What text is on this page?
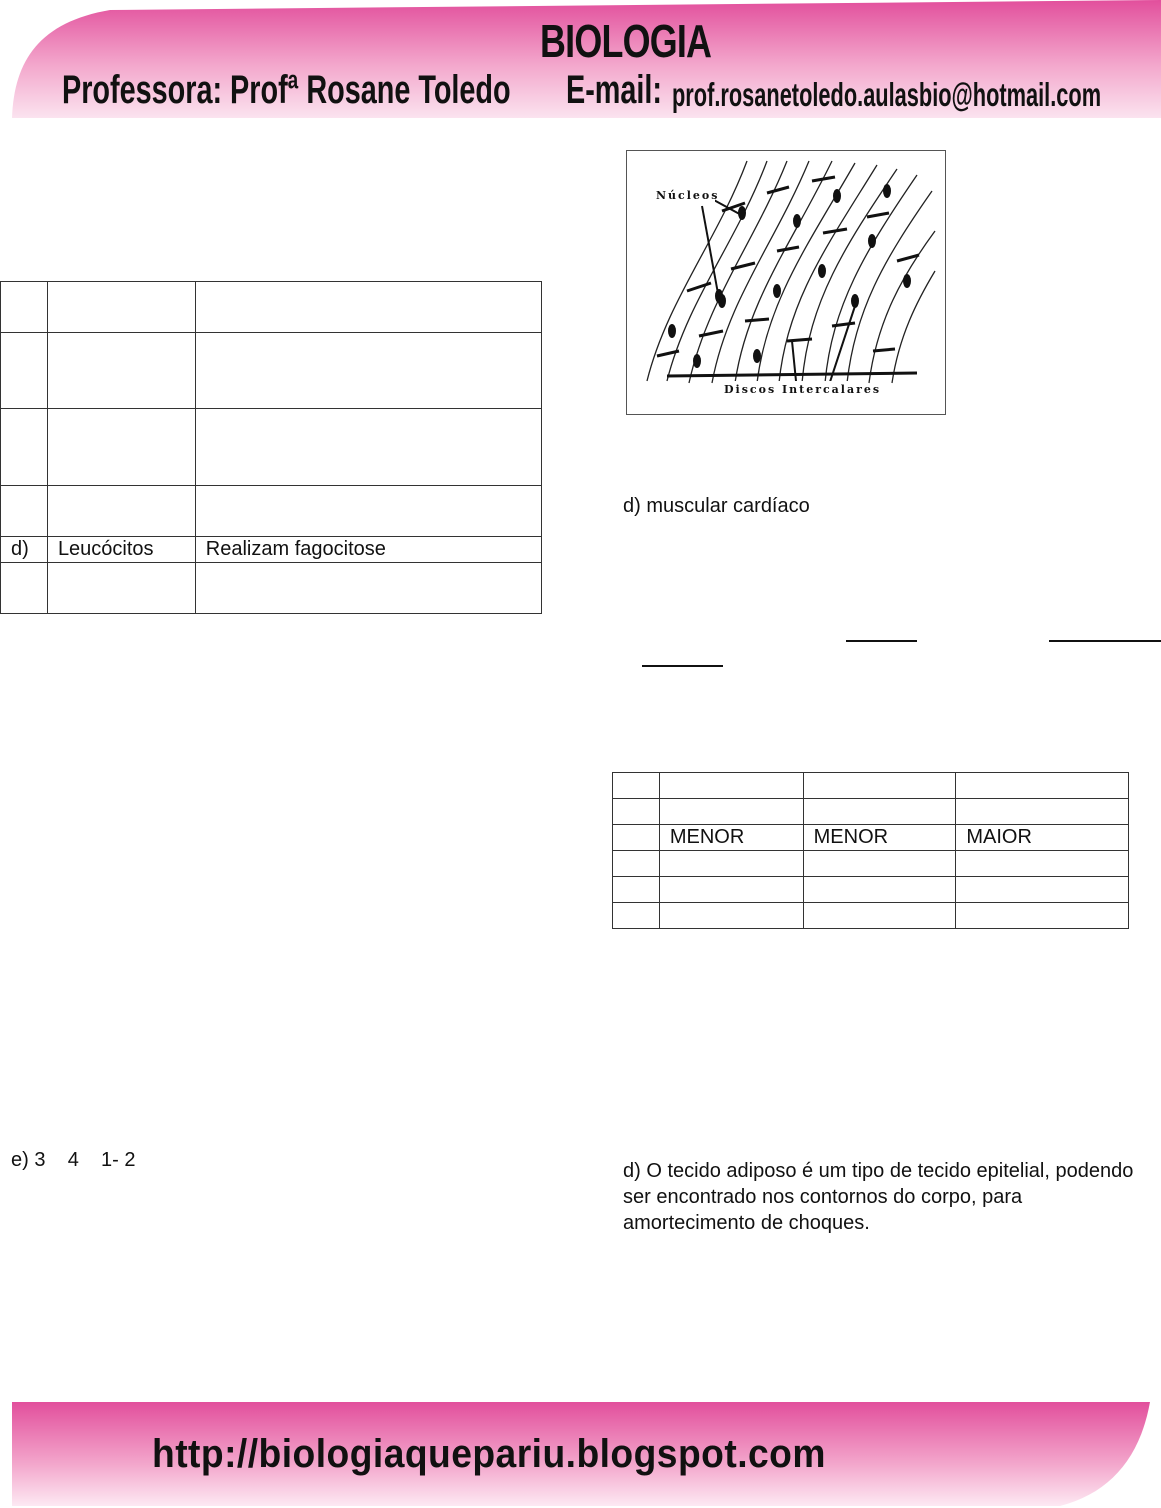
BIOLOGIA
Professora: Profª Rosane Toledo E-mail: prof.rosanetoledo.aulasbio@hotmail.com

d)	Leucócitos	Realizam fagocitose

e) 3    4    1- 2
Núcleos
Discos Intercalares
d) muscular cardíaco

	MENOR	MENOR	MAIOR

d) O tecido adiposo é um tipo de tecido epitelial, podendo ser encontrado nos contornos do corpo, para amortecimento de choques.
http://biologiaquepariu.blogspot.com
